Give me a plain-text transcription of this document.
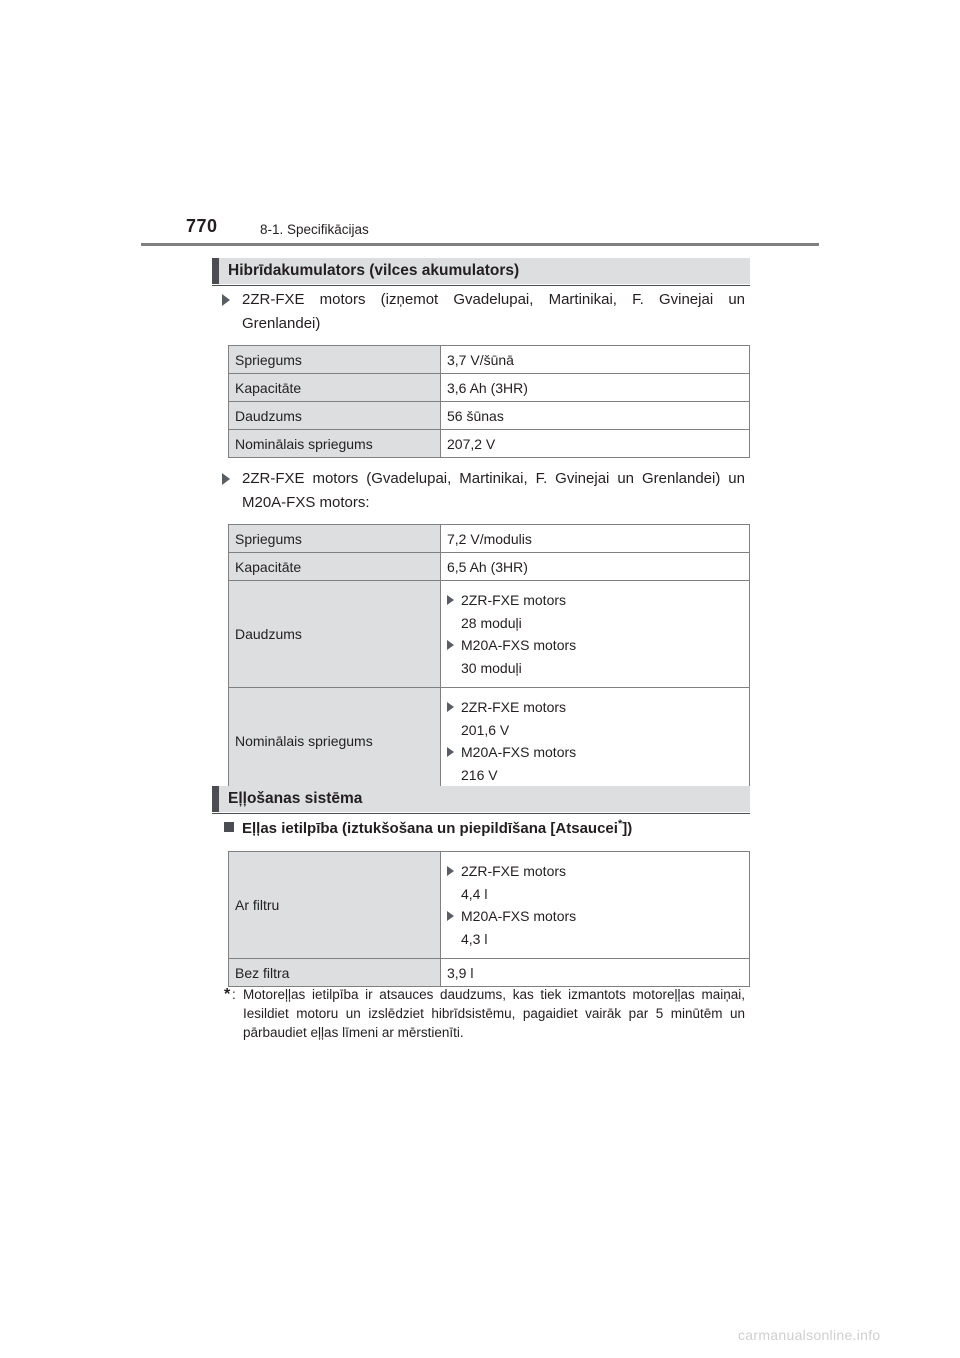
770	8-1. Specifikācijas
Hibrīdakumulators (vilces akumulators)
2ZR-FXE motors (izņemot Gvadelupai, Martinikai, F. Gvinejai un Grenlandei)
Spriegums	3,7 V/šūnā
Kapacitāte	3,6 Ah (3HR)
Daudzums	56 šūnas
Nominālais spriegums	207,2 V
2ZR-FXE motors (Gvadelupai, Martinikai, F. Gvinejai un Grenlandei) un M20A-FXS motors:
Spriegums	7,2 V/modulis
Kapacitāte	6,5 Ah (3HR)
Daudzums	2ZR-FXE motors
28 moduļi
M20A-FXS motors
30 moduļi

Nominālais spriegums	2ZR-FXE motors
201,6 V
M20A-FXS motors
216 V
Eļļošanas sistēma
Eļļas ietilpība (iztukšošana un piepildīšana [Atsaucei*])
Ar filtru	2ZR-FXE motors
4,4 l
M20A-FXS motors
4,3 l

Bez filtra	3,9 l
* : Motoreļļas ietilpība ir atsauces daudzums, kas tiek izmantots motoreļļas maiņai, Iesildiet motoru un izslēdziet hibrīdsistēmu, pagaidiet vairāk par 5 minūtēm un pārbaudiet eļļas līmeni ar mērstienīti.
carmanualsonline.info
